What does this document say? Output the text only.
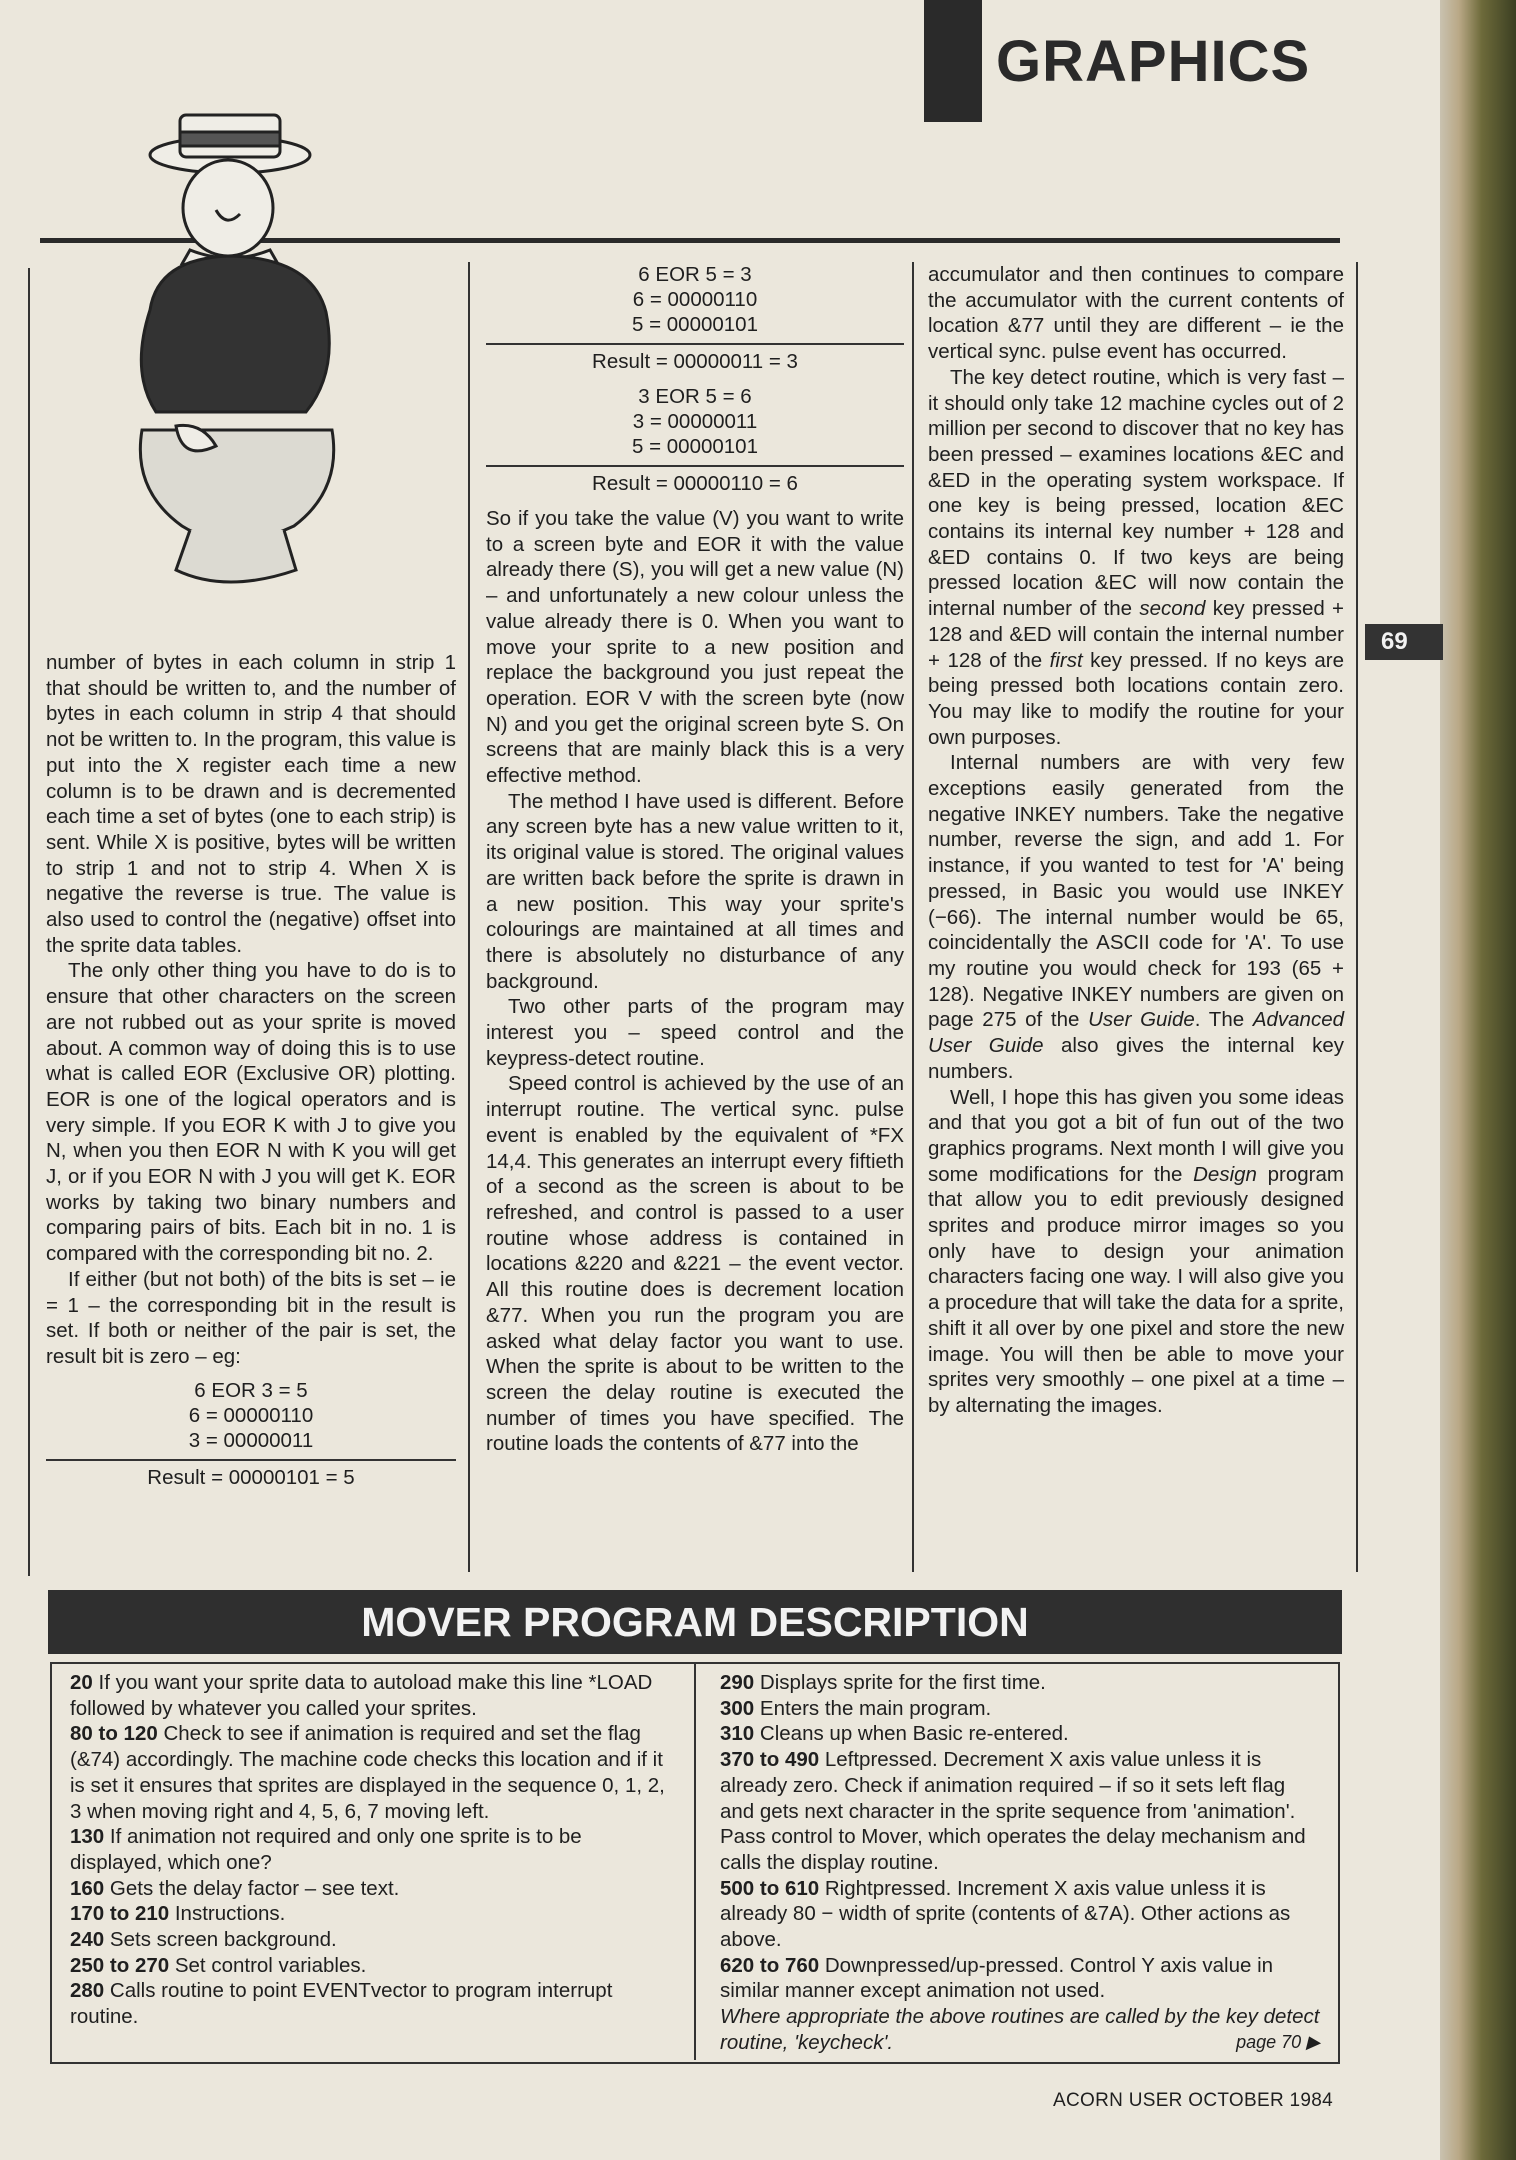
GRAPHICS

number of bytes in each column in strip 1 that should be written to, and the number of bytes in each column in strip 4 that should not be written to. In the program, this value is put into the X register each time a new column is to be drawn and is decremented each time a set of bytes (one to each strip) is sent. While X is positive, bytes will be written to strip 1 and not to strip 4. When X is negative the reverse is true. The value is also used to control the (negative) offset into the sprite data tables.

The only other thing you have to do is to ensure that other characters on the screen are not rubbed out as your sprite is moved about. A common way of doing this is to use what is called EOR (Exclusive OR) plotting. EOR is one of the logical operators and is very simple. If you EOR K with J to give you N, when you then EOR N with K you will get J, or if you EOR N with J you will get K. EOR works by taking two binary numbers and comparing pairs of bits. Each bit in no. 1 is compared with the corresponding bit no. 2.

If either (but not both) of the bits is set – ie = 1 – the corresponding bit in the result is set. If both or neither of the pair is set, the result bit is zero – eg:

6 EOR 3 = 5
6 = 00000110
3 = 00000011
Result = 00000101 = 5
6 EOR 5 = 3
6 = 00000110
5 = 00000101
Result = 00000011 = 3
3 EOR 5 = 6
3 = 00000011
5 = 00000101
Result = 00000110 = 6

So if you take the value (V) you want to write to a screen byte and EOR it with the value already there (S), you will get a new value (N) – and unfortunately a new colour unless the value already there is 0. When you want to move your sprite to a new position and replace the background you just repeat the operation. EOR V with the screen byte (now N) and you get the original screen byte S. On screens that are mainly black this is a very effective method.

The method I have used is different. Before any screen byte has a new value written to it, its original value is stored. The original values are written back before the sprite is drawn in a new position. This way your sprite's colourings are maintained at all times and there is absolutely no disturbance of any background.

Two other parts of the program may interest you – speed control and the keypress-detect routine.

Speed control is achieved by the use of an interrupt routine. The vertical sync. pulse event is enabled by the equivalent of *FX 14,4. This generates an interrupt every fiftieth of a second as the screen is about to be refreshed, and control is passed to a user routine whose address is contained in locations &220 and &221 – the event vector. All this routine does is decrement location &77. When you run the program you are asked what delay factor you want to use. When the sprite is about to be written to the screen the delay routine is executed the number of times you have specified. The routine loads the contents of &77 into the

accumulator and then continues to compare the accumulator with the current contents of location &77 until they are different – ie the vertical sync. pulse event has occurred.

The key detect routine, which is very fast – it should only take 12 machine cycles out of 2 million per second to discover that no key has been pressed – examines locations &EC and &ED in the operating system workspace. If one key is being pressed, location &EC contains its internal key number + 128 and &ED contains 0. If two keys are being pressed location &EC will now contain the internal number of the second key pressed + 128 and &ED will contain the internal number + 128 of the first key pressed. If no keys are being pressed both locations contain zero. You may like to modify the routine for your own purposes.

Internal numbers are with very few exceptions easily generated from the negative INKEY numbers. Take the negative number, reverse the sign, and add 1. For instance, if you wanted to test for 'A' being pressed, in Basic you would use INKEY (−66). The internal number would be 65, coincidentally the ASCII code for 'A'. To use my routine you would check for 193 (65 + 128). Negative INKEY numbers are given on page 275 of the User Guide. The Advanced User Guide also gives the internal key numbers.

Well, I hope this has given you some ideas and that you got a bit of fun out of the two graphics programs. Next month I will give you some modifications for the Design program that allow you to edit previously designed sprites and produce mirror images so you only have to design your animation characters facing one way. I will also give you a procedure that will take the data for a sprite, shift it all over by one pixel and store the new image. You will then be able to move your sprites very smoothly – one pixel at a time – by alternating the images.

69
MOVER PROGRAM DESCRIPTION

20 If you want your sprite data to autoload make this line *LOAD followed by whatever you called your sprites.

80 to 120 Check to see if animation is required and set the flag (&74) accordingly. The machine code checks this location and if it is set it ensures that sprites are displayed in the sequence 0, 1, 2, 3 when moving right and 4, 5, 6, 7 moving left.

130 If animation not required and only one sprite is to be displayed, which one?

160 Gets the delay factor – see text.

170 to 210 Instructions.

240 Sets screen background.

250 to 270 Set control variables.

280 Calls routine to point EVENTvector to program interrupt routine.

290 Displays sprite for the first time.

300 Enters the main program.

310 Cleans up when Basic re-entered.

370 to 490 Leftpressed. Decrement X axis value unless it is already zero. Check if animation required – if so it sets left flag and gets next character in the sprite sequence from 'animation'. Pass control to Mover, which operates the delay mechanism and calls the display routine.

500 to 610 Rightpressed. Increment X axis value unless it is already 80 − width of sprite (contents of &7A). Other actions as above.

620 to 760 Downpressed/up-pressed. Control Y axis value in similar manner except animation not used.

Where appropriate the above routines are called by the key detect routine, 'keycheck'.	page 70 ▶

ACORN USER OCTOBER 1984
